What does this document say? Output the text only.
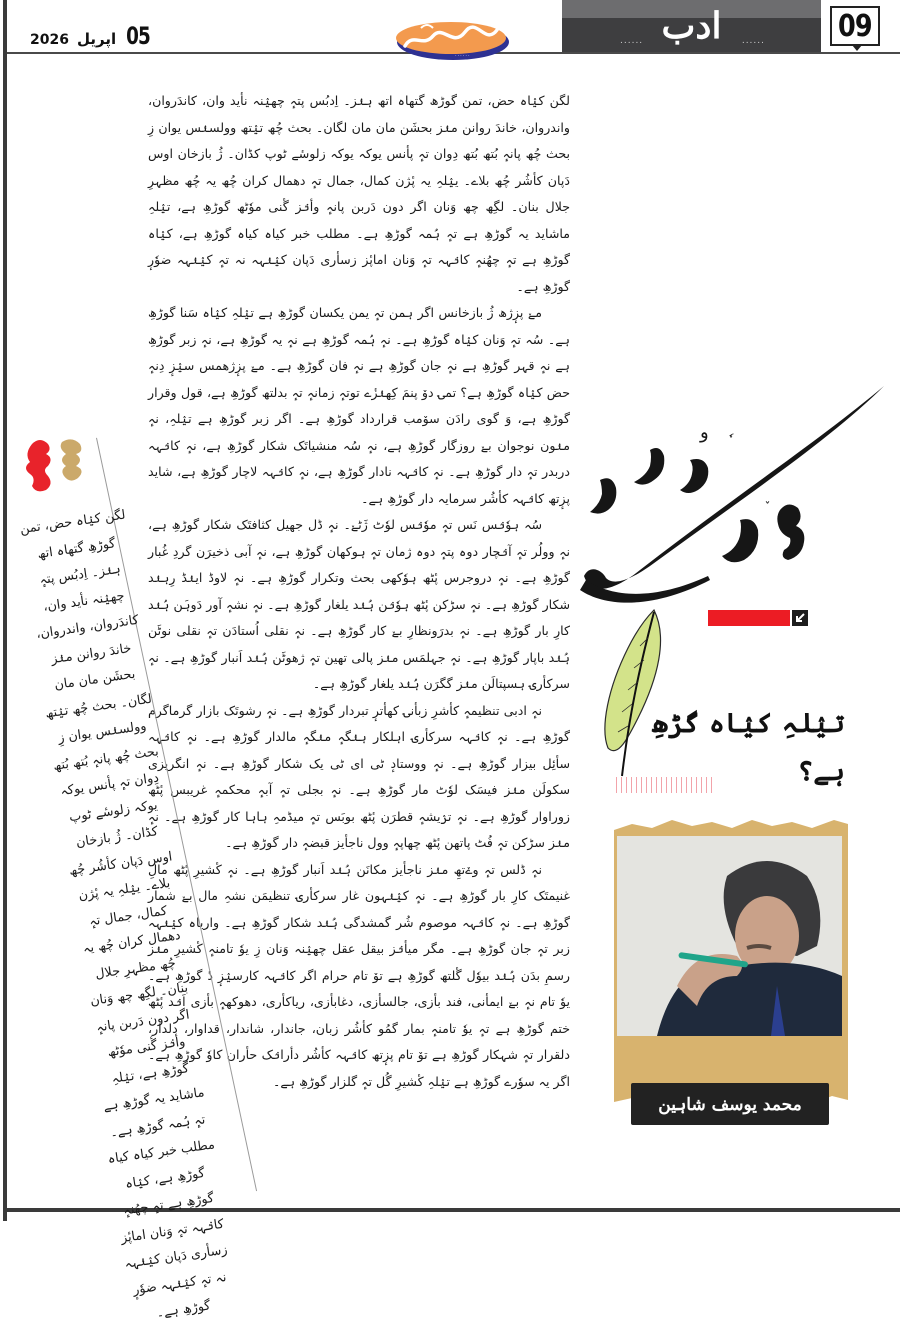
2026 اپریل 05
......
...... ادب	...... 09

لگن کیٛاہ حض، تمن گوڑھ گتھاہ اتھ ہنٛز۔ اِدبُس پتہٕ چھیٛنہ نأید وان، کاندَروان، واندروان، خاندَ روانن منٛز بحشَن مان مان لگان۔ بحث چُھ تیٛتھ وولسنٛس یوان زِ بحث چُھ پانہٕ بُتھ بُتھ دِوان تہٕ پأنس یوکہ یوکہ زلوسٔے ٹوپ کڈان۔ ژُ بازخان اوس دَپان کأشُر چُھ بلاے۔ ییٛلہِ یہ پٔژن کمال، جمال تہٕ دھمال کران چُھ یہ چُھ مظہرِ جلال بنان۔ لگِھ چھ وَنان اگر دون دَربن پانہٕ وأنٛز گٔنی موٗٹھ گوڑھِ ہے، تیٛلہِ ماشاید یہ گوڑھِ ہے تہٕ ہُمہ گوڑھِ ہے۔ مطلب خبر کیاہ کیاہ گوڑھِ ہے، کیٛاہ گوڑھِ ہے تہٕ چھُنہٕ کانٛہہ تہٕ وَنان اماپٔز زسأری دَپان کیٛنٛہہ نہ تہٕ کیٛنٛہہ ضوٗرٕ گوڑھِ ہے۔

مےٚ پزٕژھ ژُ بازخانس اگر ہمن تہٕ یمن یکسان گوڑھِ ہے تیٛلہِ کیٛاہ سَنا گوڑھِ ہے۔ سُہ تہٕ وَنان کیٛاہ گوڑھِ ہے۔ نہٕ ہُمہ گوڑھِ ہے نہٕ یہ گوڑھِ ہے، نہٕ زبر گوڑھِ ہے نہٕ قہر گوڑھِ ہے نہٕ جان گوڑھِ ہے نہٕ فان گوڑھِ ہے۔ مےٚ پزٕژھمس سیٛزٕ دِنہٕ حض کیٛاہ گوڑھِ ہے؟ تمۍ دوٚ پنمَ کِھنٛزٔے توتہٕ زمانہٕ تہٕ بدلتھ گوڑھِ ہے، قول وقرار گوڑھِ ہے، وَ گوی رادَن سوٚمب قرارداد گوڑھِ ہے۔ اگر زبر گوڑھِ ہے تیٛلہِ، نہٕ منٛون نوجوان بےٚ روزگار گوڑھِ ہے، نہٕ سُہ منشیاتَک شکار گوڑھِ ہے، نہٕ کانٛہہ دربدر تہٕ دار گوڑھِ ہے۔ نہٕ کانٛہہ نادار گوڑھِ ہے، نہٕ کانٛہہ لاچار گوڑھِ ہے، شاید پزٕتھ کانٛہہ کأشُر سرمایہ دار گوڑھِ ہے۔

سُہ ہوٗنٛس نَس تہٕ موٗنٛس لوٗٹ ژَٹےٚ۔ نہٕ ڈل جھیل کثافتَک شکار گوڑھِ ہے، نہٕ وولُر تہٕ آنٛچار دوہ پتہٕ دوہ ژمان تہٕ ہوکھان گوڑھِ ہے، نہٕ آبی ذخیرَن گردِ غُبار گوڑھِ ہے۔ نہٕ دروجرس پٔٹھ ہوٗکھی بحث وتکرار گوڑھِ ہے۔ نہٕ لاوڈ اینٛڈ رِہنٛد شکار گوڑھِ ہے۔ نہٕ سڑکن پٔٹھ ہوٗنٛن ہُنٛد یلغار گوڑھِ ہے۔ نہٕ نشہٕ آور دَوہَن ہُنٛد کارِ بار گوڑھِ ہے۔ نہٕ بدرَونظارِ بےٚ کار گوڑھِ ہے۔ نہٕ نقلی اُستادَن تہٕ نقلی نوٹَن ہُنٛد باپار گوڑھِ ہے۔ نہٕ جہلمَس منٛز پالی تھین تہٕ ژھوٹَن ہُنٛد اَنبار گوڑھِ ہے۔ نہٕ سرکأرۍ ہسپتالَن منٛز گگرَن ہُنٛد یلغار گوڑھِ ہے۔

نہٕ ادبی تنظیمہٕ کأشرِ زبأنۍ کھأترٕ تبردار گوڑھِ ہے۔ نہٕ رشوتَک بازار گرماگرم گوڑھِ ہے۔ نہٕ کانٛہہ سرکأرۍ اہلکار ہنٛگہٕ منٛگہٕ مالدار گوڑھِ ہے۔ نہٕ کانٛہہ سأئِل بیزار گوڑھِ ہے۔ نہٕ ووستادٕ ٹی ای ٹی یک شکار گوڑھِ ہے۔ نہٕ انگریزی سکولَن منٛز فیسَک لوٗٹ مار گوڑھِ ہے۔ نہٕ بجلی تہٕ آبہٕ محکمہٕ غریبس پٔٹھ زوراوار گوڑھِ ہے۔ نہٕ ترٛیشہٕ قطرَن پٔٹھ بوبَس تہٕ میڈمہِ ہاہا کار گوڑھِ ہے۔ نہٕ منٛز سڑکن تہٕ فُٹ پاتھن پٔٹھ چھاپہٕ وول ناجأیز قبضہٕ دار گوڑھِ ہے۔

نہٕ ڈلس تہٕ وےٚتھِ منٛز ناجأیز مکانَن ہُنٛد اَنبار گوڑھِ ہے۔ نہٕ کٔشیرِ پٔٹھ مالِ غنیمتَک کارِ بار گوڑھِ ہے۔ نہٕ کیٛنٛہون غار سرکأرۍ تنظیمَن نشہِ مال بےٚ شمار گوڑھِ ہے۔ نہٕ کانٛہہ موصوم شُر گمشدگی ہُنٛد شکار گوڑھِ ہے۔ واریاہ کیٛنٛہہ زبر تہٕ جان گوڑھِ ہے۔ مگر میأنٛز بیقل عقل چھیٛنہ وَنان زِ یوٗ تامنہٕ کٔشیرِ منٛز رسمِ بدَن ہُنٛد بیوٗل گٔلتھ گوڑھِ ہے تۆ تام حرام اگر کانٛہہ کارسیٛزٕ دٔ گوڑھِ ہے۔ یوٗ تام نہٕ بےٚ ایمأنی، فند بأزی، جالسأزی، دغابأزی، ریاکأری، دھوکھہٕ بأزی اَنٛد پٔٹھ ختم گوڑھِ ہے تہٕ یوٗ تامنہٕ بمار گمُو کأشُر زبان، جاندار، شاندار، قداوار، دلدار، دلقرار تہٕ شہکار گوڑھِ ہے تۆ تام پزٕتھ کانٛہہ کأشُر دأرانٛک حأران کاوٗ گوڑھِ ہے۔ اگر یہ سوٗرے گوڑھِ ہے تیٛلہِ کٔشیرِ گُل تہٕ گلزار گوڑھِ ہے۔

لگن کیٛاہ حض، تمن گوڑھِ گتھاہ اتھ ہنٛز۔ اِدبُس پتہٕ چھیٛنہ نأید وان، کاندَروان، واندروان، خاندَ روانن منٛز بحشَن مان مان لگان۔ بحث چُھ تیٛتھ وولسنٛس یوان زِ بحث چُھ پانہٕ بُتھ بُتھ دِوان تہٕ پأنس یوکہ یوکہ زلوسٔے ٹوپ کڈان۔ ژُ بازخان اوس دَپان کأشُر چُھ بلاے۔ ییٛلہِ یہ پٔژن کمال، جمال تہٕ دھمال کران چُھ یہ چُھ مظہرِ جلال بنان۔ لگِھ چھ وَنان اگر دون دَربن پانہٕ وأنٛز گٔنی موٗٹھ گوڑھِ ہے، تیٛلہِ ماشاید یہ گوڑھِ ہے تہٕ ہُمہ گوڑھِ ہے۔ مطلب خبر کیاہ کیاہ گوڑھِ ہے، کیٛاہ گوڑھِ ہے تہٕ چھُنہٕ کانٛہہ تہٕ وَنان اماپٔز زسأری دَپان کیٛنٛہہ نہ تہٕ کیٛنٛہہ ضوٗرٕ گوڑھِ ہے۔
و
تیٛلہِ کیٛاہ گڑھِ ہے؟
محمد یوسف شاہین
